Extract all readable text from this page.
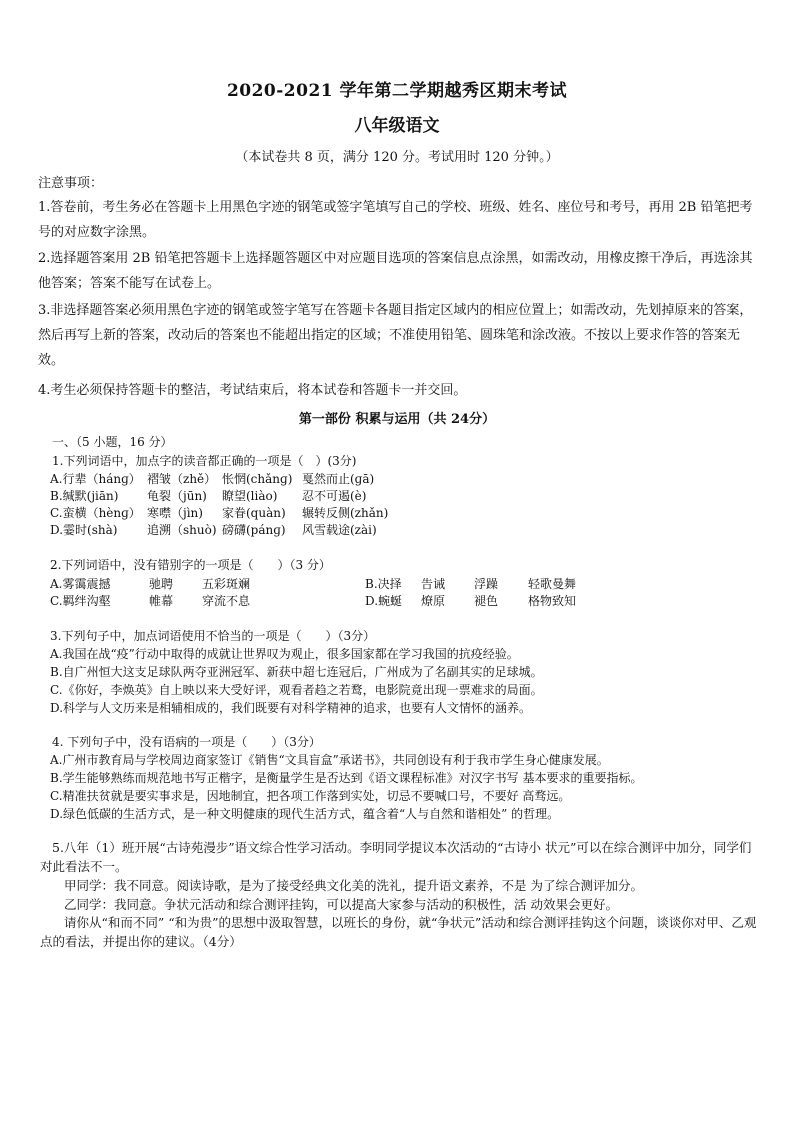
2020-2021 学年第二学期越秀区期末考试
八年级语文
（本试卷共 8 页，满分 120 分。考试用时 120 分钟。）
注意事项：
1.答卷前，考生务必在答题卡上用黑色字迹的钢笔或签字笔填写自己的学校、班级、姓名、座位号和考号，再用 2B 铅笔把考号的对应数字涂黑。
2.选择题答案用 2B 铅笔把答题卡上选择题答题区中对应题目选项的答案信息点涂黑，如需改动，用橡皮擦干净后，再选涂其他答案；答案不能写在试卷上。
3.非选择题答案必须用黑色字迹的钢笔或签字笔写在答题卡各题目指定区域内的相应位置上；如需改动，先划掉原来的答案，然后再写上新的答案，改动后的答案也不能超出指定的区域；不准使用铅笔、圆珠笔和涂改液。不按以上要求作答的答案无效。
4.考生必须保持答题卡的整洁，考试结束后，将本试卷和答题卡一并交回。
第一部份 积累与运用（共 24分）
一、（5 小题，16 分）
1.下列词语中，加点字的读音都正确的一项是（　）(3分)
A.行辈（hánɡ） 褶皱（zhě） 怅惘(chǎnɡ) 戛然而止(ɡā)
B.缄默(jiān) 龟裂（jūn) 瞭望(liào) 忍不可遏(è)
C.蛮横（hènɡ） 寒噤（jìn) 家眷(quàn) 辗转反侧(zhǎn)
D.霎时(shà) 追溯（shuò) 磅礴(pánɡ) 风雪载途(zài)
2.下列词语中，没有错别字的一项是（　　）（3 分）
A.雾霭震撼	驰聘 五彩斑斓	B.决择 告诫 浮躁 轻歌曼舞
C.羁绊沟壑	帷幕 穿流不息	D.蜿蜒 燎原 褪色 格物致知
3.下列句子中，加点词语使用不恰当的一项是（　　）（3分）
A.我国在战“疫”行动中取得的成就让世界叹为观止，很多国家都在学习我国的抗疫经验。
B.自广州恒大这支足球队两夺亚洲冠军、新获中超七连冠后，广州成为了名副其实的足球城。
C.《你好，李焕英》自上映以来大受好评，观看者趋之若鹜，电影院竟出现一票难求的局面。
D.科学与人文历来是相辅相成的，我们既要有对科学精神的追求，也要有人文情怀的涵养。
4. 下列句子中，没有语病的一项是（　　）（3分）
A.广州市教育局与学校周边商家签订《销售“文具盲盒”承诺书》，共同创设有利于我市学生身心健康发展。
B.学生能够熟练而规范地书写正楷字，是衡量学生是否达到《语文课程标准》对汉字书写 基本要求的重要指标。
C.精准扶贫就是要实事求是，因地制宜，把各项工作落到实处，切忌不要喊口号，不要好 高骛远。
D.绿色低碳的生活方式，是一种文明健康的现代生活方式，蕴含着“人与自然和谐相处” 的哲理。
5.八年（1）班开展“古诗苑漫步”语文综合性学习活动。李明同学提议本次活动的“古诗小 状元”可以在综合测评中加分，同学们对此看法不一。
甲同学：我不同意。阅读诗歌，是为了接受经典文化美的洗礼，提升语文素养，不是 为了综合测评加分。
乙同学：我同意。争状元活动和综合测评挂钩，可以提高大家参与活动的积极性，活 动效果会更好。
请你从“和而不同” “和为贵”的思想中汲取智慧，以班长的身份，就“争状元”活动和综合测评挂钩这个问题，谈谈你对甲、乙观点的看法，并提出你的建议。（4分）
